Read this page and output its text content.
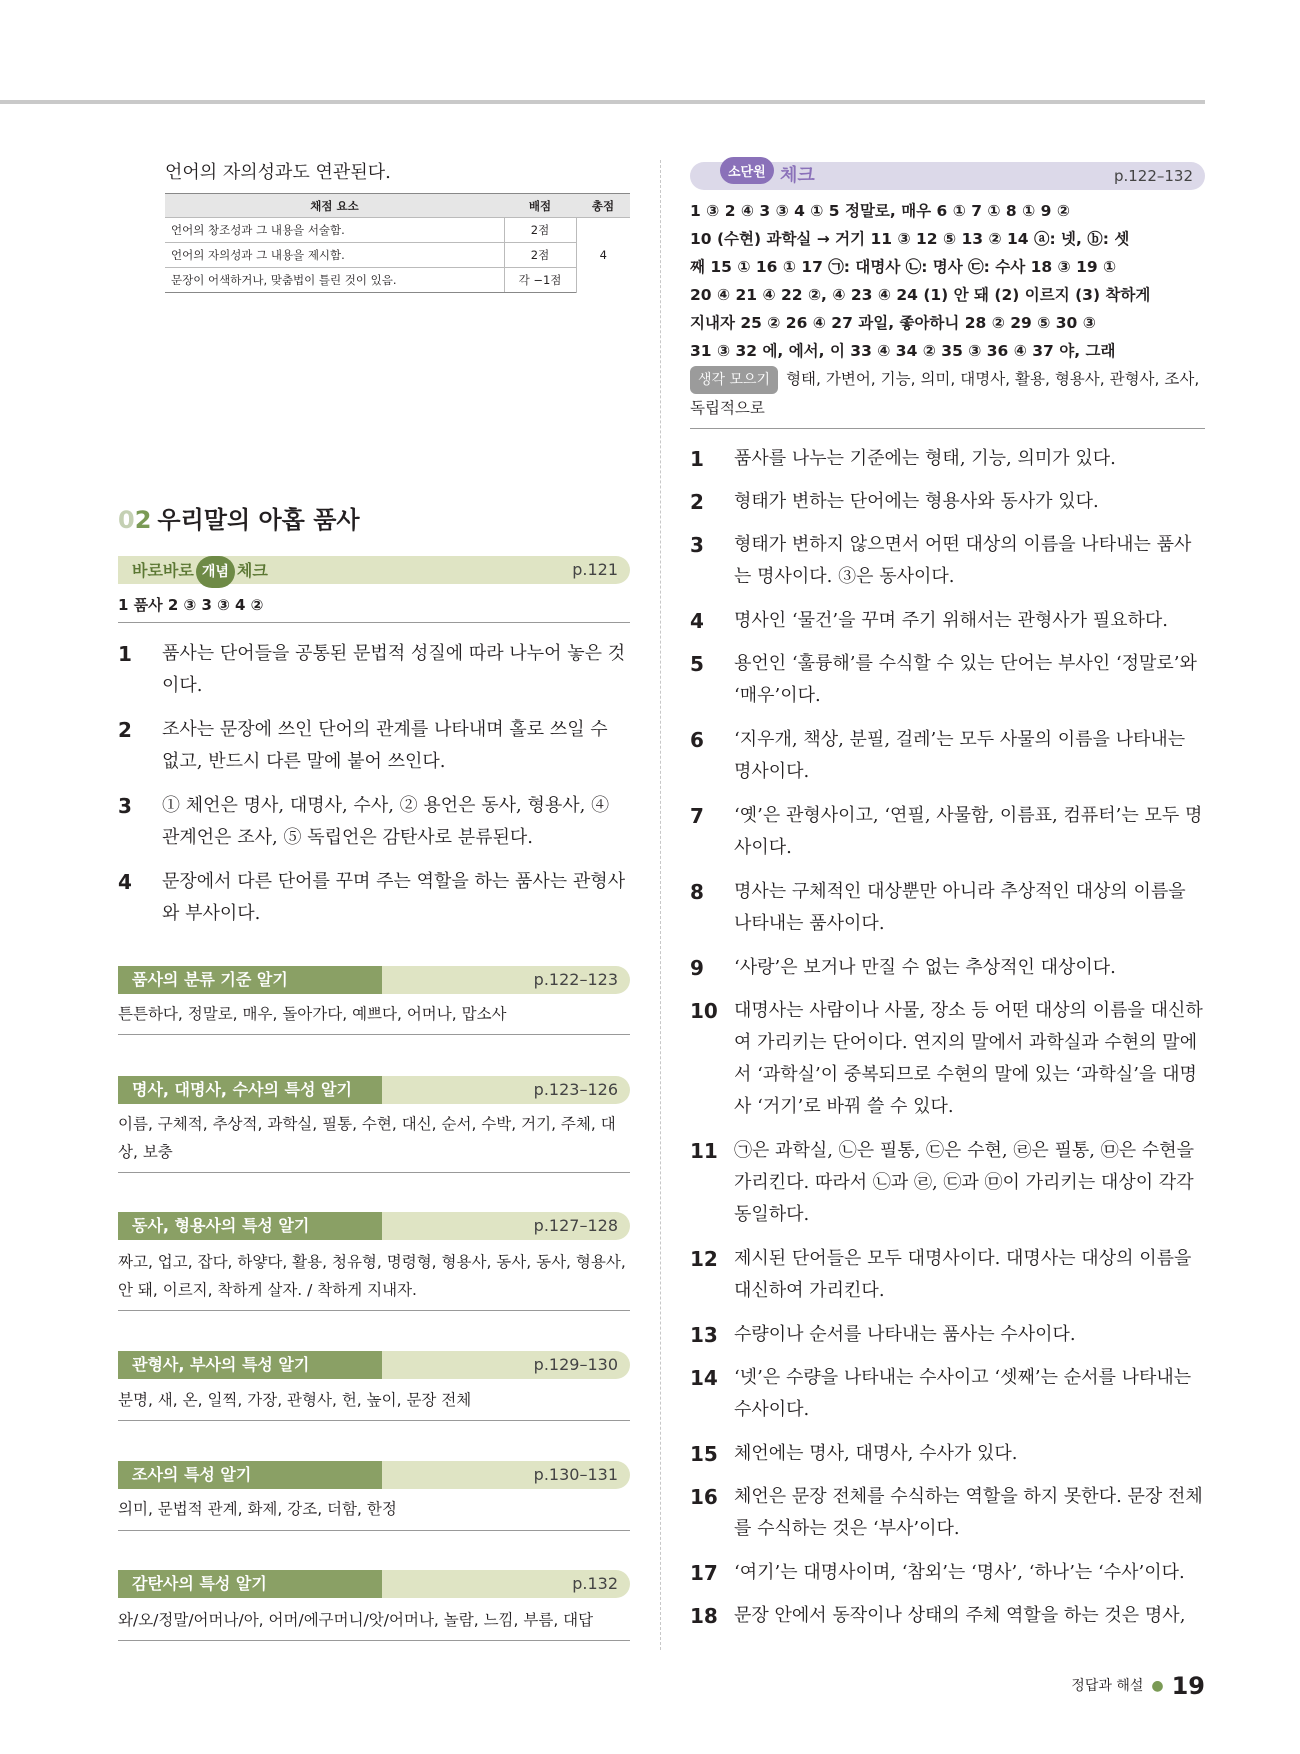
언어의 자의성과도 연관된다.
채점 요소	배점	총점
언어의 창조성과 그 내용을 서술함.	2점	4
언어의 자의성과 그 내용을 제시함.	2점	
문장이 어색하거나, 맞춤법이 틀린 것이 있음.	각 −1점	
02 우리말의 아홉 품사
바로바로 개념 체크	p.121
1 품사 2 ③ 3 ③ 4 ②
1	품사는 단어들을 공통된 문법적 성질에 따라 나누어 놓은 것이다.
2	조사는 문장에 쓰인 단어의 관계를 나타내며 홀로 쓰일 수 없고, 반드시 다른 말에 붙어 쓰인다.
3	① 체언은 명사, 대명사, 수사, ② 용언은 동사, 형용사, ④ 관계언은 조사, ⑤ 독립언은 감탄사로 분류된다.
4	문장에서 다른 단어를 꾸며 주는 역할을 하는 품사는 관형사와 부사이다.
품사의 분류 기준 알기	p.122–123
튼튼하다, 정말로, 매우, 돌아가다, 예쁘다, 어머나, 맙소사
명사, 대명사, 수사의 특성 알기	p.123–126
이름, 구체적, 추상적, 과학실, 필통, 수현, 대신, 순서, 수박, 거기, 주체, 대상, 보충
동사, 형용사의 특성 알기	p.127–128
짜고, 업고, 잡다, 하얗다, 활용, 청유형, 명령형, 형용사, 동사, 동사, 형용사, 안 돼, 이르지, 착하게 살자. / 착하게 지내자.
관형사, 부사의 특성 알기	p.129–130
분명, 새, 온, 일찍, 가장, 관형사, 헌, 높이, 문장 전체
조사의 특성 알기	p.130–131
의미, 문법적 관계, 화제, 강조, 더함, 한정
감탄사의 특성 알기	p.132
와/오/정말/어머나/아, 어머/에구머니/앗/어머나, 놀람, 느낌, 부름, 대답
소단원 체크	p.122–132
1 ③ 2 ④ 3 ③ 4 ① 5 정말로, 매우 6 ① 7 ① 8 ① 9 ②
10 (수현) 과학실 → 거기 11 ③ 12 ⑤ 13 ② 14 ⓐ: 넷, ⓑ: 셋
째 15 ① 16 ① 17 ㉠: 대명사 ㉡: 명사 ㉢: 수사 18 ③ 19 ①
20 ④ 21 ④ 22 ②, ④ 23 ④ 24 (1) 안 돼 (2) 이르지 (3) 착하게
지내자 25 ② 26 ④ 27 과일, 좋아하니 28 ② 29 ⑤ 30 ③
31 ③ 32 에, 에서, 이 33 ④ 34 ② 35 ③ 36 ④ 37 야, 그래
생각 모으기 형태, 가변어, 기능, 의미, 대명사, 활용, 형용사, 관형사, 조사,
독립적으로
1	품사를 나누는 기준에는 형태, 기능, 의미가 있다.
2	형태가 변하는 단어에는 형용사와 동사가 있다.
3	형태가 변하지 않으면서 어떤 대상의 이름을 나타내는 품사는 명사이다. ③은 동사이다.
4	명사인 ‘물건’을 꾸며 주기 위해서는 관형사가 필요하다.
5	용언인 ‘훌륭해’를 수식할 수 있는 단어는 부사인 ‘정말로’와 ‘매우’이다.
6	‘지우개, 책상, 분필, 걸레’는 모두 사물의 이름을 나타내는 명사이다.
7	‘옛’은 관형사이고, ‘연필, 사물함, 이름표, 컴퓨터’는 모두 명사이다.
8	명사는 구체적인 대상뿐만 아니라 추상적인 대상의 이름을 나타내는 품사이다.
9	‘사랑’은 보거나 만질 수 없는 추상적인 대상이다.
10 대명사는 사람이나 사물, 장소 등 어떤 대상의 이름을 대신하여 가리키는 단어이다. 연지의 말에서 과학실과 수현의 말에서 ‘과학실’이 중복되므로 수현의 말에 있는 ‘과학실’을 대명사 ‘거기’로 바꿔 쓸 수 있다.
11 ㉠은 과학실, ㉡은 필통, ㉢은 수현, ㉣은 필통, ㉤은 수현을 가리킨다. 따라서 ㉡과 ㉣, ㉢과 ㉤이 가리키는 대상이 각각 동일하다.
12 제시된 단어들은 모두 대명사이다. 대명사는 대상의 이름을 대신하여 가리킨다.
13 수량이나 순서를 나타내는 품사는 수사이다.
14 ‘넷’은 수량을 나타내는 수사이고 ‘셋째’는 순서를 나타내는 수사이다.
15 체언에는 명사, 대명사, 수사가 있다.
16 체언은 문장 전체를 수식하는 역할을 하지 못한다. 문장 전체를 수식하는 것은 ‘부사’이다.
17 ‘여기’는 대명사이며, ‘참외’는 ‘명사’, ‘하나’는 ‘수사’이다.
18 문장 안에서 동작이나 상태의 주체 역할을 하는 것은 명사,
정답과 해설 ● 19
